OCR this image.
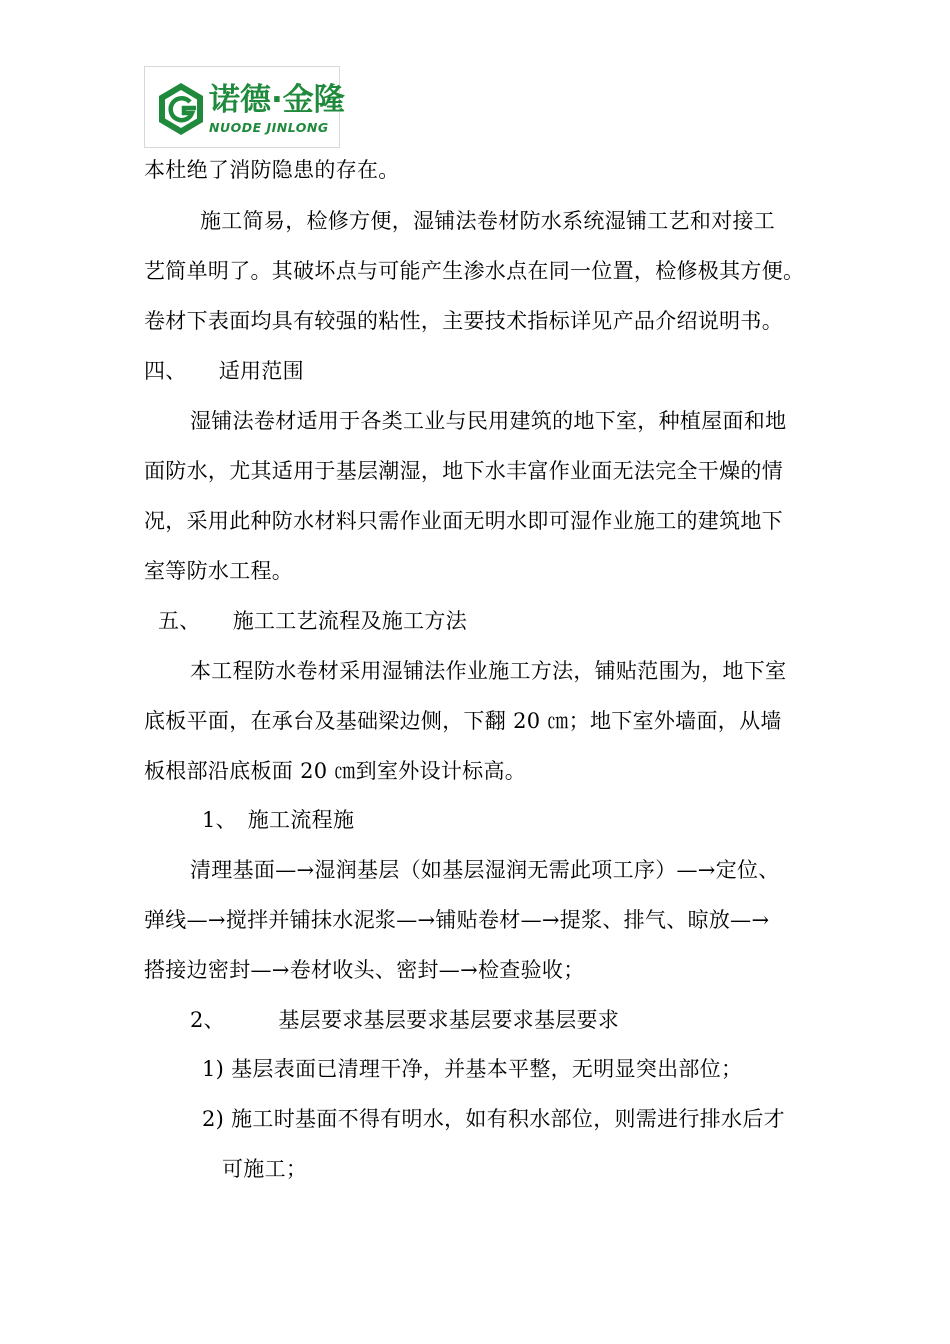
诺德·金隆
NUODE JINLONG
本杜绝了消防隐患的存在。
施工简易，检修方便，湿铺法卷材防水系统湿铺工艺和对接工
艺简单明了。其破坏点与可能产生渗水点在同一位置，检修极其方便。
卷材下表面均具有较强的粘性，主要技术指标详见产品介绍说明书。
四、　　适用范围
湿铺法卷材适用于各类工业与民用建筑的地下室，种植屋面和地
面防水，尤其适用于基层潮湿，地下水丰富作业面无法完全干燥的情
况，采用此种防水材料只需作业面无明水即可湿作业施工的建筑地下
室等防水工程。
五、　　施工工艺流程及施工方法
本工程防水卷材采用湿铺法作业施工方法，铺贴范围为，地下室
底板平面，在承台及基础梁边侧，下翻 20 ㎝；地下室外墙面，从墙
板根部沿底板面 20 ㎝到室外设计标高。
1、　施工流程施
清理基面—→湿润基层（如基层湿润无需此项工序）—→定位、
弹线—→搅拌并铺抹水泥浆—→铺贴卷材—→提浆、排气、晾放—→
搭接边密封—→卷材收头、密封—→检查验收；
2、　　　基层要求基层要求基层要求基层要求
1) 基层表面已清理干净，并基本平整，无明显突出部位；
2) 施工时基面不得有明水，如有积水部位，则需进行排水后才
可施工；
